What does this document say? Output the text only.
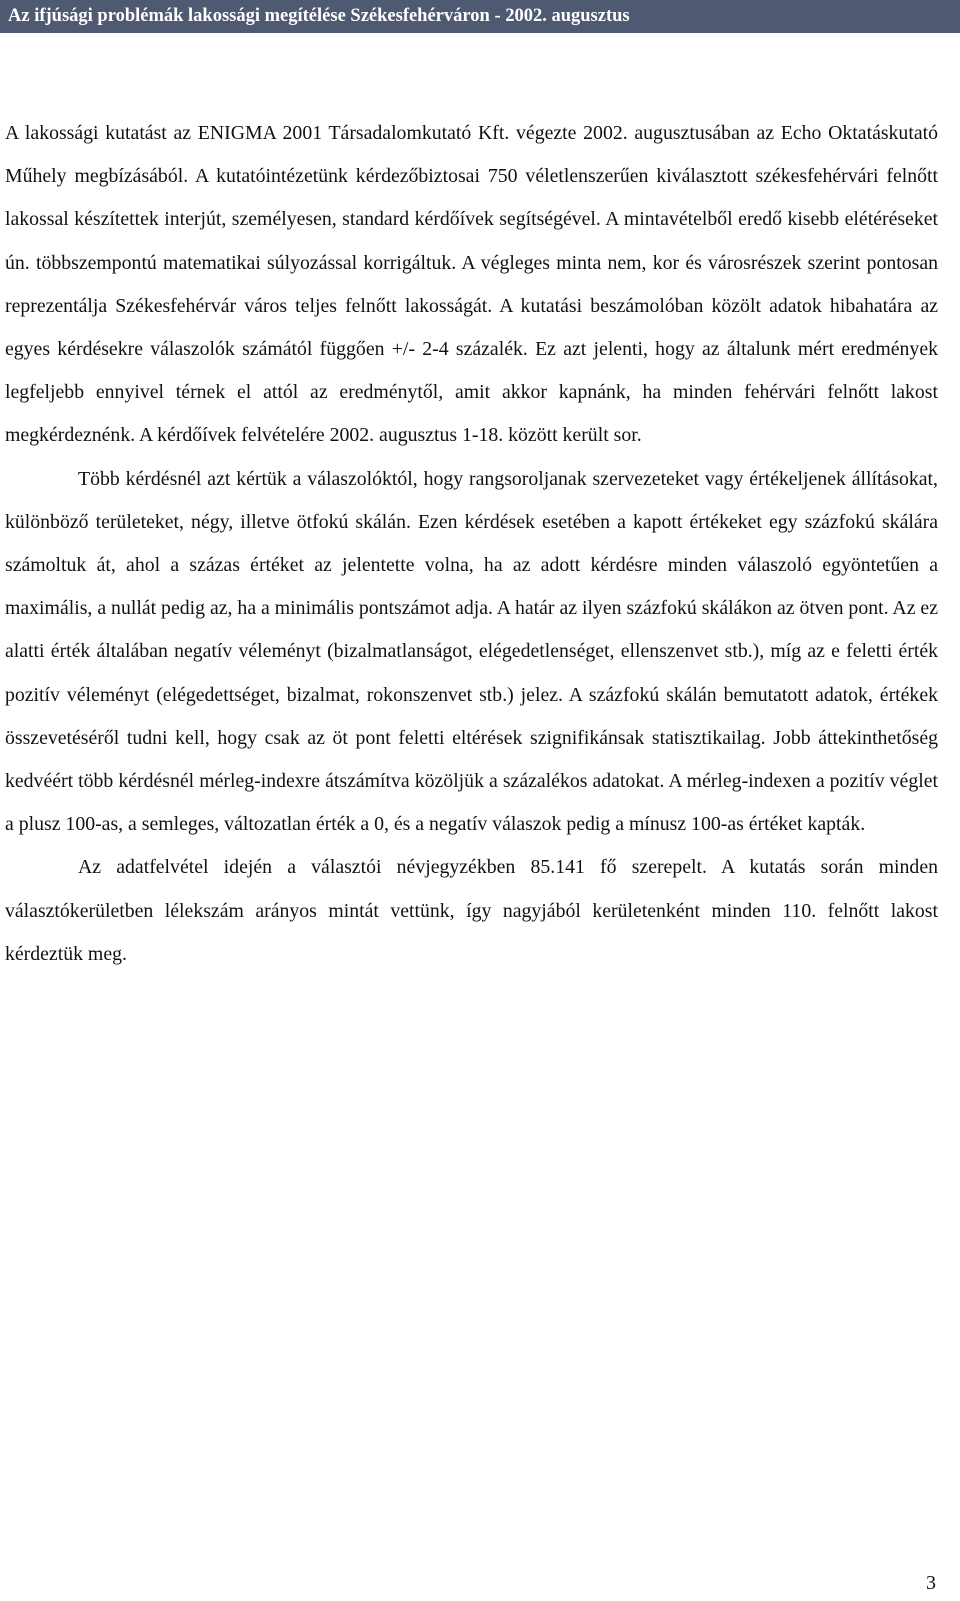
Az ifjúsági problémák lakossági megítélése Székesfehérváron - 2002. augusztus

A lakossági kutatást az ENIGMA 2001 Társadalomkutató Kft. végezte 2002. augusztusában az Echo Oktatáskutató Műhely megbízásából. A kutatóintézetünk kérdezőbiztosai 750 véletlenszerűen kiválasztott székesfehérvári felnőtt lakossal készítettek interjút, személyesen, standard kérdőívek segítségével. A mintavételből eredő kisebb elétéréseket ún. többszempontú matematikai súlyozással korrigáltuk. A végleges minta nem, kor és városrészek szerint pontosan reprezentálja Székesfehérvár város teljes felnőtt lakosságát. A kutatási beszámolóban közölt adatok hibahatára az egyes kérdésekre válaszolók számától függően +/- 2-4 százalék. Ez azt jelenti, hogy az általunk mért eredmények legfeljebb ennyivel térnek el attól az eredménytől, amit akkor kapnánk, ha minden fehérvári felnőtt lakost megkérdeznénk. A kérdőívek felvételére 2002. augusztus 1-18. között került sor.

Több kérdésnél azt kértük a válaszolóktól, hogy rangsoroljanak szervezeteket vagy értékeljenek állításokat, különböző területeket, négy, illetve ötfokú skálán. Ezen kérdések esetében a kapott értékeket egy százfokú skálára számoltuk át, ahol a százas értéket az jelentette volna, ha az adott kérdésre minden válaszoló egyöntetűen a maximális, a nullát pedig az, ha a minimális pontszámot adja. A határ az ilyen százfokú skálákon az ötven pont. Az ez alatti érték általában negatív véleményt (bizalmatlanságot, elégedetlenséget, ellenszenvet stb.), míg az e feletti érték pozitív véleményt (elégedettséget, bizalmat, rokonszenvet stb.) jelez. A százfokú skálán bemutatott adatok, értékek összevetéséről tudni kell, hogy csak az öt pont feletti eltérések szignifikánsak statisztikailag. Jobb áttekinthetőség kedvéért több kérdésnél mérleg-indexre átszámítva közöljük a százalékos adatokat. A mérleg-indexen a pozitív véglet a plusz 100-as, a semleges, változatlan érték a 0, és a negatív válaszok pedig a mínusz 100-as értéket kapták.

Az adatfelvétel idején a választói névjegyzékben 85.141 fő szerepelt. A kutatás során minden választókerületben lélekszám arányos mintát vettünk, így nagyjából kerületenként minden 110. felnőtt lakost kérdeztük meg.

3
